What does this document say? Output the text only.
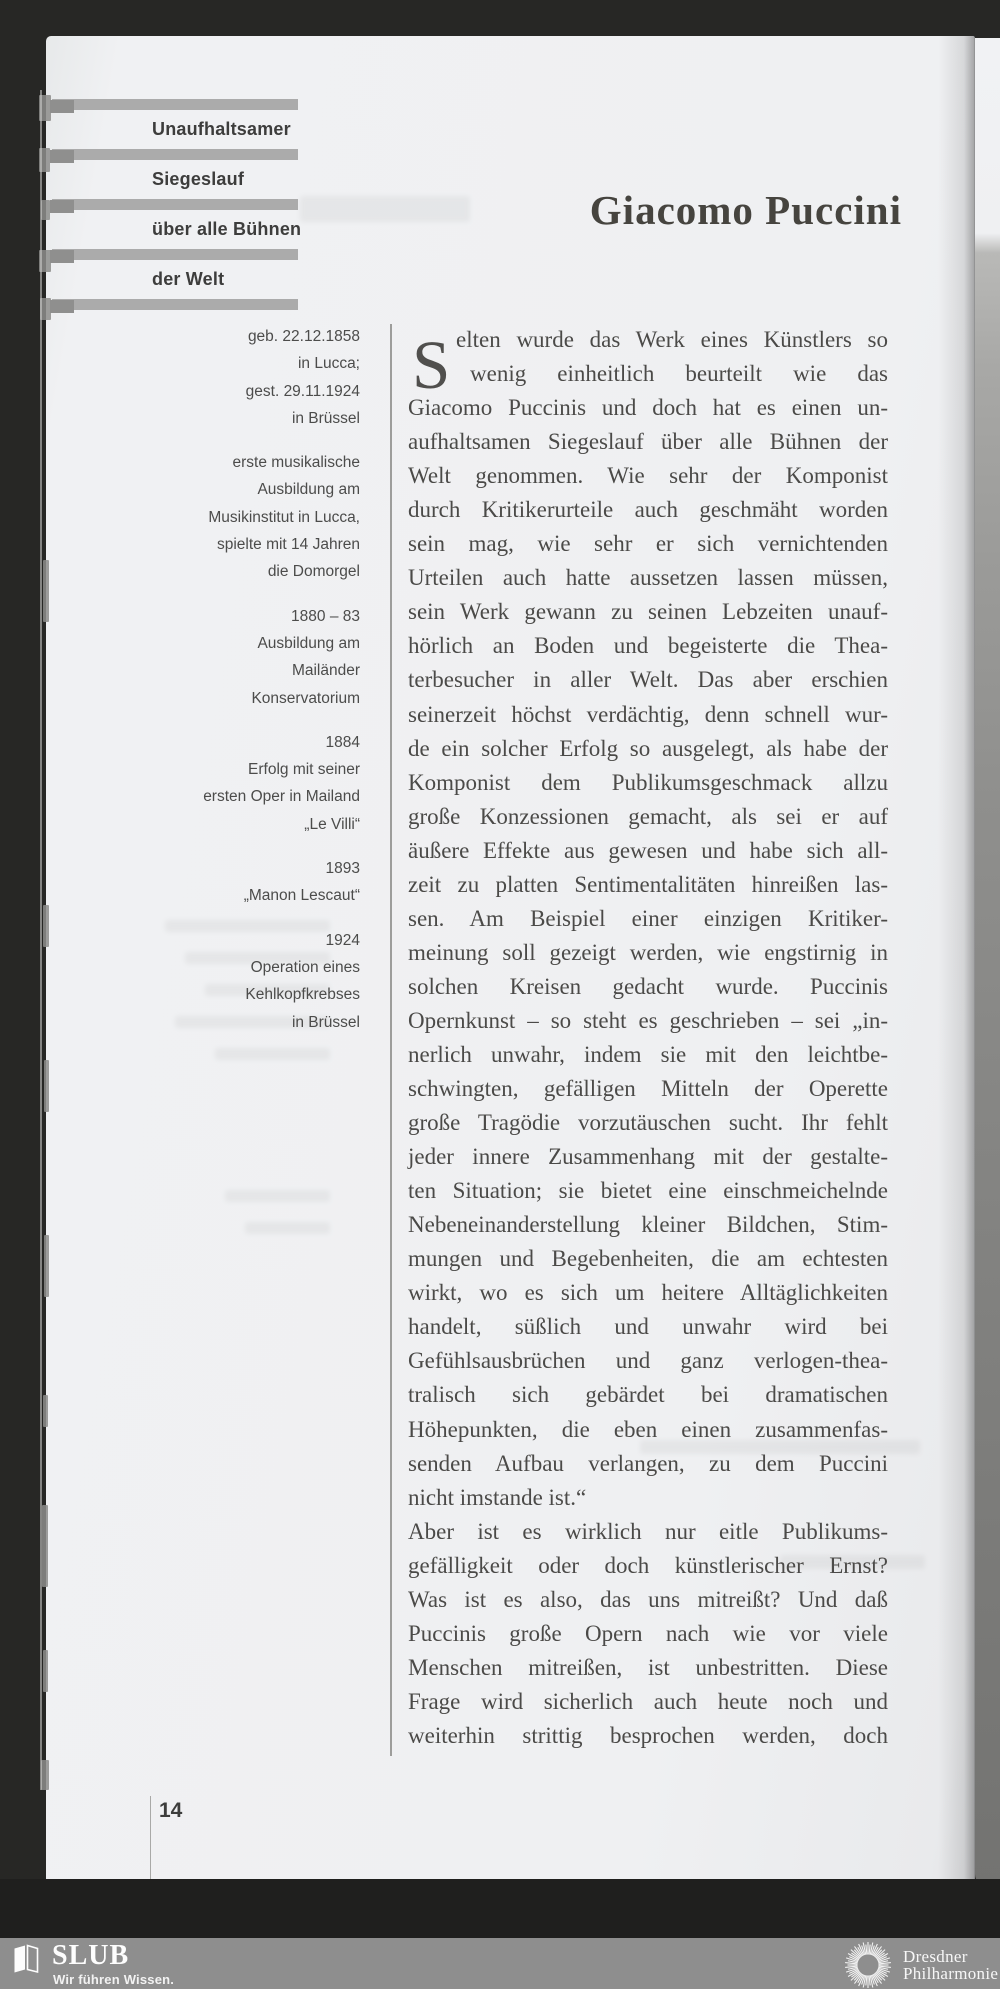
Unaufhaltsamer
Siegeslauf
über alle Bühnen
der Welt
Giacomo Puccini
geb. 22.12.1858
in Lucca;
gest. 29.11.1924
in Brüssel
erste musikalische
Ausbildung am
Musikinstitut in Lucca,
spielte mit 14 Jahren
die Domorgel
1880 – 83
Ausbildung am
Mailänder
Konservatorium
1884
Erfolg mit seiner
ersten Oper in Mailand
„Le Villi“
1893
„Manon Lescaut“
1924
Operation eines
Kehlkopfkrebses
in Brüssel
S elten wurde das Werk eines Künstlers so
wenig einheitlich beurteilt wie das
Giacomo Puccinis und doch hat es einen un-
aufhaltsamen Siegeslauf über alle Bühnen der
Welt genommen. Wie sehr der Komponist
durch Kritikerurteile auch geschmäht worden
sein mag, wie sehr er sich vernichtenden
Urteilen auch hatte aussetzen lassen müssen,
sein Werk gewann zu seinen Lebzeiten unauf-
hörlich an Boden und begeisterte die Thea-
terbesucher in aller Welt. Das aber erschien
seinerzeit höchst verdächtig, denn schnell wur-
de ein solcher Erfolg so ausgelegt, als habe der
Komponist dem Publikumsgeschmack allzu
große Konzessionen gemacht, als sei er auf
äußere Effekte aus gewesen und habe sich all-
zeit zu platten Sentimentalitäten hinreißen las-
sen. Am Beispiel einer einzigen Kritiker-
meinung soll gezeigt werden, wie engstirnig in
solchen Kreisen gedacht wurde. Puccinis
Opernkunst – so steht es geschrieben – sei „in-
nerlich unwahr, indem sie mit den leichtbe-
schwingten, gefälligen Mitteln der Operette
große Tragödie vorzutäuschen sucht. Ihr fehlt
jeder innere Zusammenhang mit der gestalte-
ten Situation; sie bietet eine einschmeichelnde
Nebeneinanderstellung kleiner Bildchen, Stim-
mungen und Begebenheiten, die am echtesten
wirkt, wo es sich um heitere Alltäglichkeiten
handelt, süßlich und unwahr wird bei
Gefühlsausbrüchen und ganz verlogen-thea-
tralisch sich gebärdet bei dramatischen
Höhepunkten, die eben einen zusammenfas-
senden Aufbau verlangen, zu dem Puccini
nicht imstande ist.“
Aber ist es wirklich nur eitle Publikums-
gefälligkeit oder doch künstlerischer Ernst?
Was ist es also, das uns mitreißt? Und daß
Puccinis große Opern nach wie vor viele
Menschen mitreißen, ist unbestritten. Diese
Frage wird sicherlich auch heute noch und
weiterhin strittig besprochen werden, doch
14
SLUB
Wir führen Wissen.
Dresdner
Philharmonie
